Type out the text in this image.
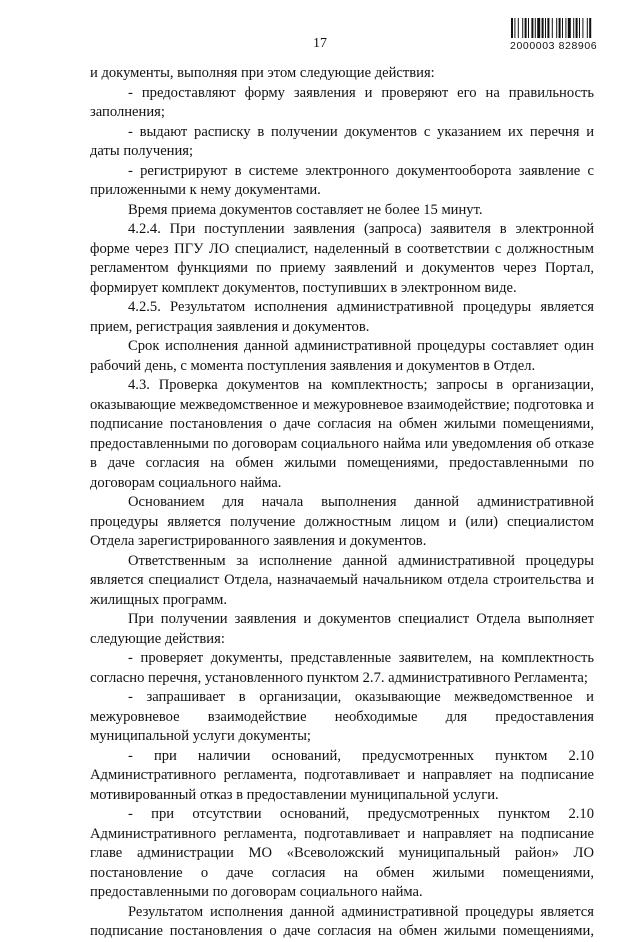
17	2000003 828906

и документы, выполняя при этом следующие действия:

- предоставляют форму заявления и проверяют его на правильность заполнения;

- выдают расписку в получении документов с указанием их перечня и даты получения;

- регистрируют в системе электронного документооборота заявление с приложенными к нему документами.

Время приема документов составляет не более 15 минут.

4.2.4. При поступлении заявления (запроса) заявителя в электронной форме через ПГУ ЛО специалист, наделенный в соответствии с должностным регламентом функциями по приему заявлений и документов через Портал, формирует комплект документов, поступивших в электронном виде.

4.2.5. Результатом исполнения административной процедуры является прием, регистрация заявления и документов.

Срок исполнения данной административной процедуры составляет один рабочий день, с момента поступления заявления и документов в Отдел.

4.3. Проверка документов на комплектность; запросы в организации, оказывающие межведомственное и межуровневое взаимодействие; подготовка и подписание постановления о даче согласия на обмен жилыми помещениями, предоставленными по договорам социального найма или уведомления об отказе в даче согласия на обмен жилыми помещениями, предоставленными по договорам социального найма.

Основанием для начала выполнения данной административной процедуры является получение должностным лицом и (или) специалистом Отдела зарегистрированного заявления и документов.

Ответственным за исполнение данной административной процедуры является специалист Отдела, назначаемый начальником отдела строительства и жилищных программ.

При получении заявления и документов специалист Отдела выполняет следующие действия:

- проверяет документы, представленные заявителем, на комплектность согласно перечня, установленного пунктом 2.7. административного Регламента;

- запрашивает в организации, оказывающие межведомственное и межуровневое взаимодействие необходимые для предоставления муниципальной услуги документы;

- при наличии оснований, предусмотренных пунктом 2.10 Административного регламента, подготавливает и направляет на подписание мотивированный отказ в предоставлении муниципальной услуги.

- при отсутствии оснований, предусмотренных пунктом 2.10 Административного регламента, подготавливает и направляет на подписание главе администрации МО «Всеволожский муниципальный район» ЛО постановление о даче согласия на обмен жилыми помещениями, предоставленными по договорам социального найма.

Результатом исполнения данной административной процедуры является подписание постановления о даче согласия на обмен жилыми помещениями,
